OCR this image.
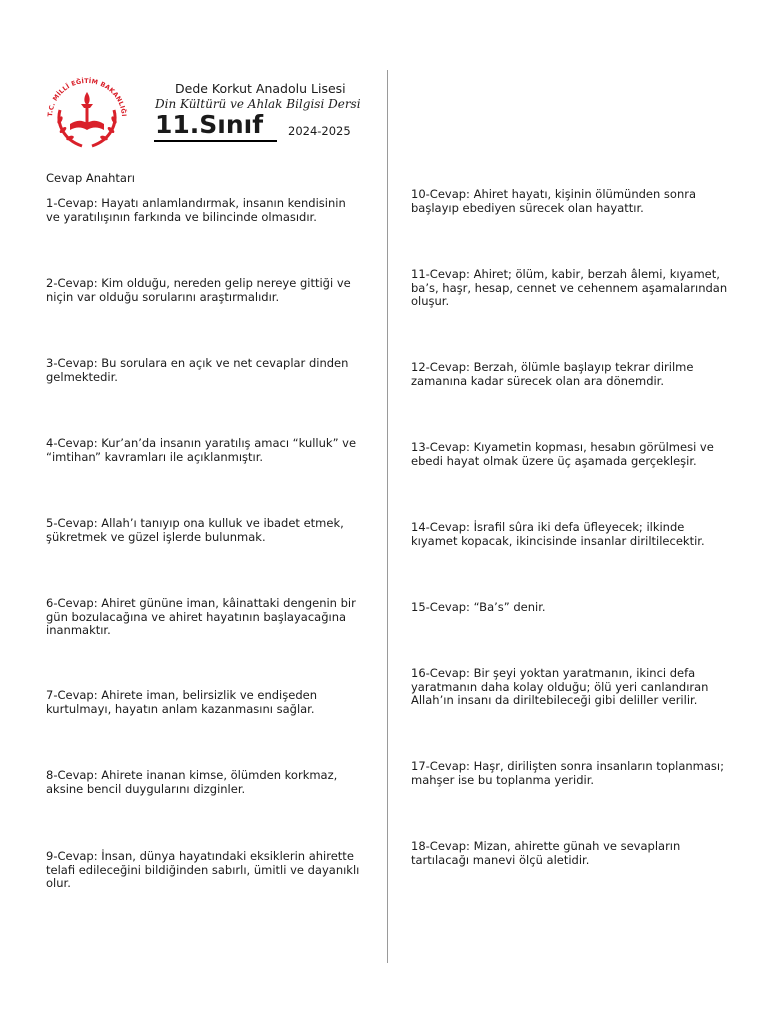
T.C. MİLLÎ EĞİTİM BAKANLIĞI
Dede Korkut Anadolu Lisesi
Din Kültürü ve Ahlak Bilgisi Dersi
11.Sınıf 2024-2025
Cevap Anahtarı
1-Cevap: Hayatı anlamlandırmak, insanın kendisinin
ve yaratılışının farkında ve bilincinde olmasıdır.
2-Cevap: Kim olduğu, nereden gelip nereye gittiği ve
niçin var olduğu sorularını araştırmalıdır.
3-Cevap: Bu sorulara en açık ve net cevaplar dinden
gelmektedir.
4-Cevap: Kur’an’da insanın yaratılış amacı “kulluk” ve
“imtihan” kavramları ile açıklanmıştır.
5-Cevap: Allah’ı tanıyıp ona kulluk ve ibadet etmek,
şükretmek ve güzel işlerde bulunmak.
6-Cevap: Ahiret gününe iman, kâinattaki dengenin bir
gün bozulacağına ve ahiret hayatının başlayacağına
inanmaktır.
7-Cevap: Ahirete iman, belirsizlik ve endişeden
kurtulmayı, hayatın anlam kazanmasını sağlar.
8-Cevap: Ahirete inanan kimse, ölümden korkmaz,
aksine bencil duygularını dizginler.
9-Cevap: İnsan, dünya hayatındaki eksiklerin ahirette
telafi edileceğini bildiğinden sabırlı, ümitli ve dayanıklı
olur.
10-Cevap: Ahiret hayatı, kişinin ölümünden sonra
başlayıp ebediyen sürecek olan hayattır.
11-Cevap: Ahiret; ölüm, kabir, berzah âlemi, kıyamet,
ba’s, haşr, hesap, cennet ve cehennem aşamalarından
oluşur.
12-Cevap: Berzah, ölümle başlayıp tekrar dirilme
zamanına kadar sürecek olan ara dönemdir.
13-Cevap: Kıyametin kopması, hesabın görülmesi ve
ebedi hayat olmak üzere üç aşamada gerçekleşir.
14-Cevap: İsrafil sûra iki defa üfleyecek; ilkinde
kıyamet kopacak, ikincisinde insanlar diriltilecektir.
15-Cevap: “Ba’s” denir.
16-Cevap: Bir şeyi yoktan yaratmanın, ikinci defa
yaratmanın daha kolay olduğu; ölü yeri canlandıran
Allah’ın insanı da diriltebileceği gibi deliller verilir.
17-Cevap: Haşr, dirilişten sonra insanların toplanması;
mahşer ise bu toplanma yeridir.
18-Cevap: Mizan, ahirette günah ve sevapların
tartılacağı manevi ölçü aletidir.
